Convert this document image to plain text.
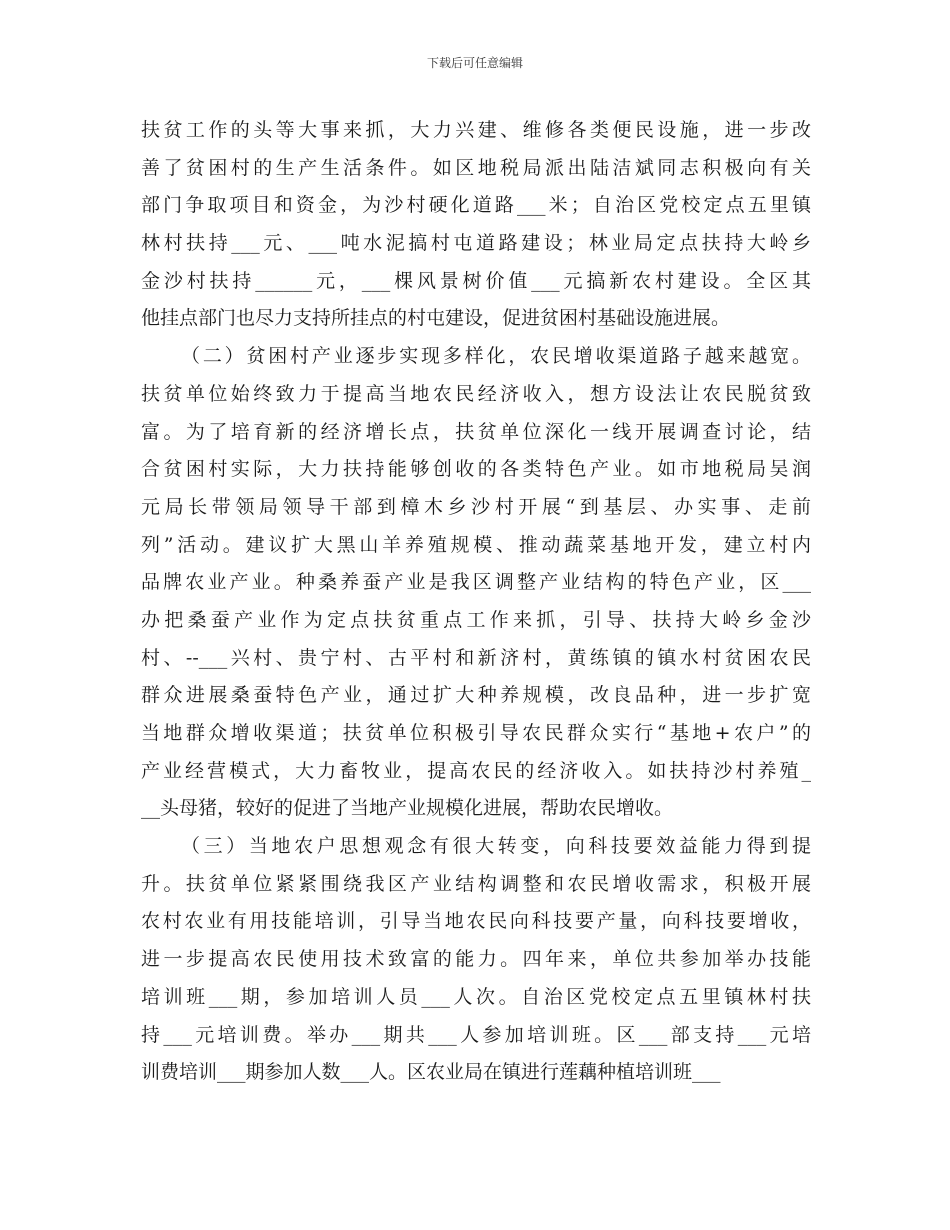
下载后可任意编辑
扶贫工作的头等大事来抓，大力兴建、维修各类便民设施，进一步改
善了贫困村的生产生活条件。如区地税局派出陆洁斌同志积极向有关
部门争取项目和资金，为沙村硬化道路___米；自治区党校定点五里镇
林村扶持___元、___吨水泥搞村屯道路建设；林业局定点扶持大岭乡
金沙村扶持______元，___棵风景树价值___元搞新农村建设。全区其
他挂点部门也尽力支持所挂点的村屯建设，促进贫困村基础设施进展。
（二）贫困村产业逐步实现多样化，农民增收渠道路子越来越宽。
扶贫单位始终致力于提高当地农民经济收入，想方设法让农民脱贫致
富。为了培育新的经济增长点，扶贫单位深化一线开展调查讨论，结
合贫困村实际，大力扶持能够创收的各类特色产业。如市地税局吴润
元局长带领局领导干部到樟木乡沙村开展“到基层、办实事、走前
列”活动。建议扩大黑山羊养殖规模、推动蔬菜基地开发，建立村内
品牌农业产业。种桑养蚕产业是我区调整产业结构的特色产业，区___
办把桑蚕产业作为定点扶贫重点工作来抓，引导、扶持大岭乡金沙
村、--___兴村、贵宁村、古平村和新济村，黄练镇的镇水村贫困农民
群众进展桑蚕特色产业，通过扩大种养规模，改良品种，进一步扩宽
当地群众增收渠道；扶贫单位积极引导农民群众实行“基地+农户”的
产业经营模式，大力畜牧业，提高农民的经济收入。如扶持沙村养殖_
__头母猪，较好的促进了当地产业规模化进展，帮助农民增收。
（三）当地农户思想观念有很大转变，向科技要效益能力得到提
升。扶贫单位紧紧围绕我区产业结构调整和农民增收需求，积极开展
农村农业有用技能培训，引导当地农民向科技要产量，向科技要增收，
进一步提高农民使用技术致富的能力。四年来，单位共参加举办技能
培训班___期，参加培训人员___人次。自治区党校定点五里镇林村扶
持___元培训费。举办___期共___人参加培训班。区___部支持___元培
训费培训___期参加人数___人。区农业局在镇进行莲藕种植培训班___
